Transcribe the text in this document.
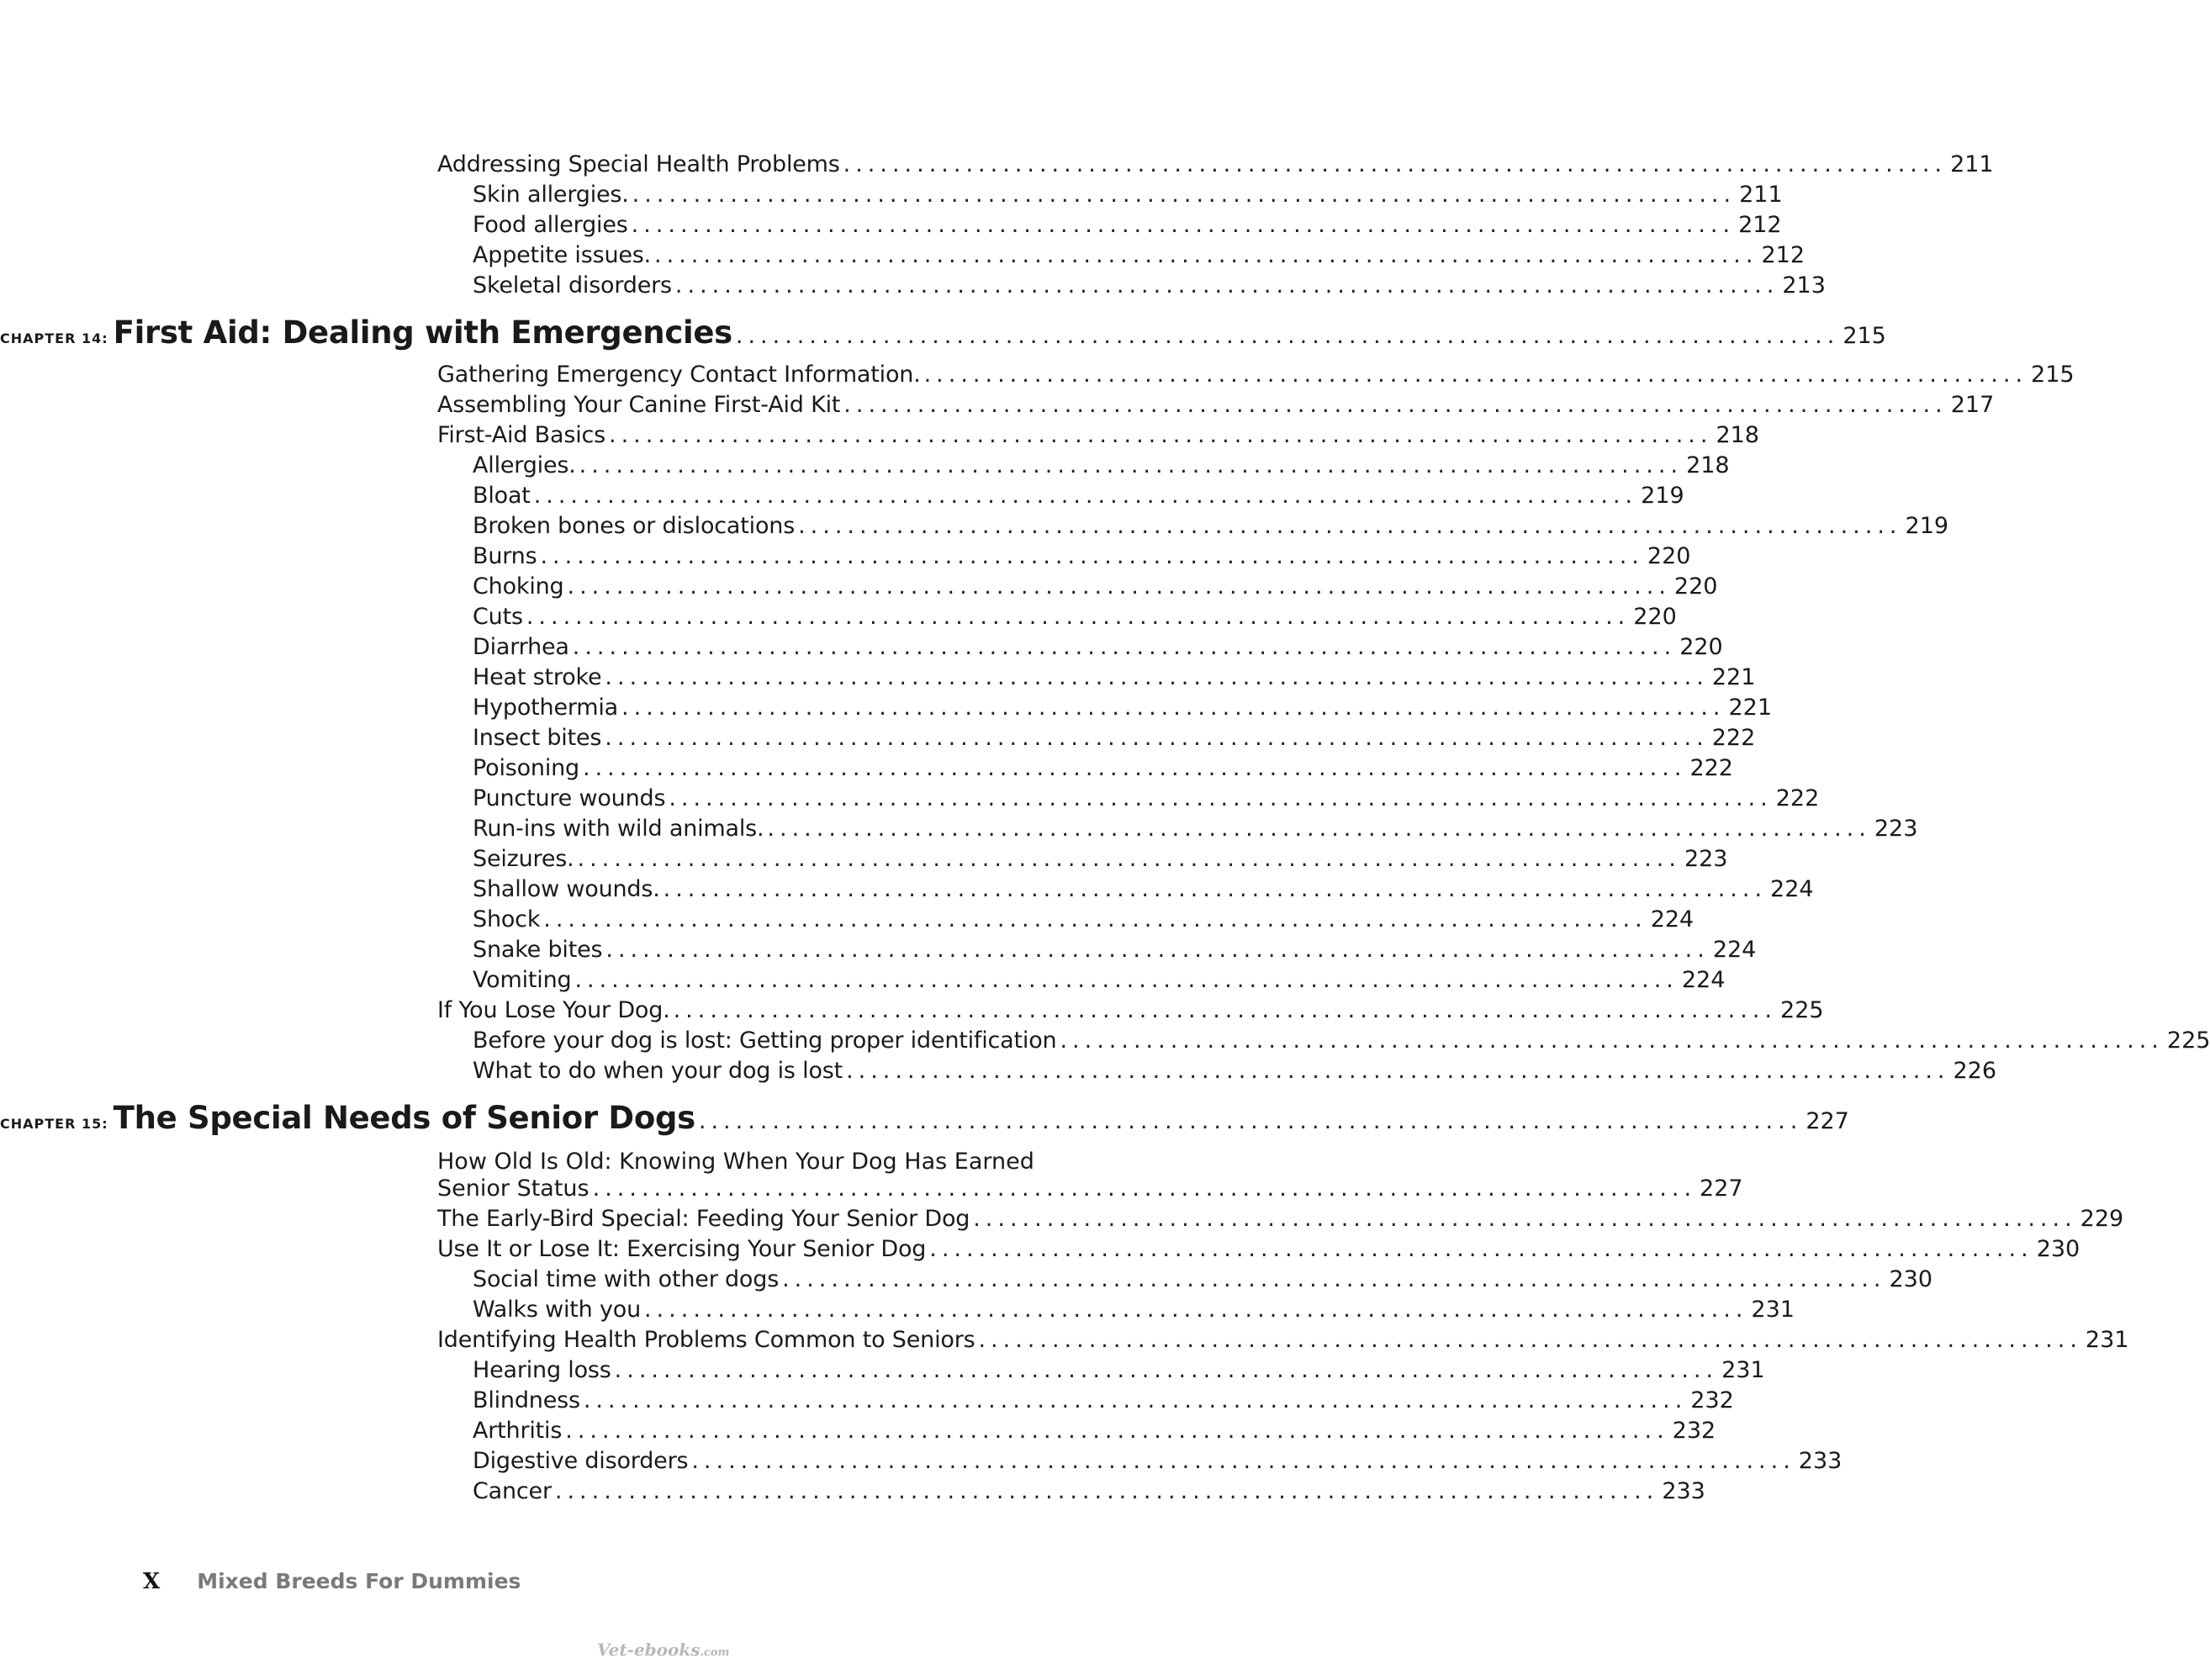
Addressing Special Health Problems .......................................................................................... 211
Skin allergies. .......................................................................................... 211
Food allergies .......................................................................................... 212
Appetite issues. .......................................................................................... 212
Skeletal disorders .......................................................................................... 213
CHAPTER 14: First Aid: Dealing with Emergencies .......................................................................................... 215
Gathering Emergency Contact Information. .......................................................................................... 215
Assembling Your Canine First-Aid Kit .......................................................................................... 217
First-Aid Basics .......................................................................................... 218
Allergies. .......................................................................................... 218
Bloat .......................................................................................... 219
Broken bones or dislocations .......................................................................................... 219
Burns .......................................................................................... 220
Choking .......................................................................................... 220
Cuts .......................................................................................... 220
Diarrhea .......................................................................................... 220
Heat stroke .......................................................................................... 221
Hypothermia .......................................................................................... 221
Insect bites .......................................................................................... 222
Poisoning .......................................................................................... 222
Puncture wounds .......................................................................................... 222
Run-ins with wild animals. .......................................................................................... 223
Seizures. .......................................................................................... 223
Shallow wounds. .......................................................................................... 224
Shock .......................................................................................... 224
Snake bites .......................................................................................... 224
Vomiting .......................................................................................... 224
If You Lose Your Dog. .......................................................................................... 225
Before your dog is lost: Getting proper identification .......................................................................................... 225
What to do when your dog is lost .......................................................................................... 226
CHAPTER 15: The Special Needs of Senior Dogs .......................................................................................... 227
How Old Is Old: Knowing When Your Dog Has Earned
Senior Status .......................................................................................... 227
The Early-Bird Special: Feeding Your Senior Dog .......................................................................................... 229
Use It or Lose It: Exercising Your Senior Dog .......................................................................................... 230
Social time with other dogs .......................................................................................... 230
Walks with you .......................................................................................... 231
Identifying Health Problems Common to Seniors .......................................................................................... 231
Hearing loss .......................................................................................... 231
Blindness .......................................................................................... 232
Arthritis .......................................................................................... 232
Digestive disorders .......................................................................................... 233
Cancer .......................................................................................... 233
X Mixed Breeds For Dummies
Vet-ebooks.com
